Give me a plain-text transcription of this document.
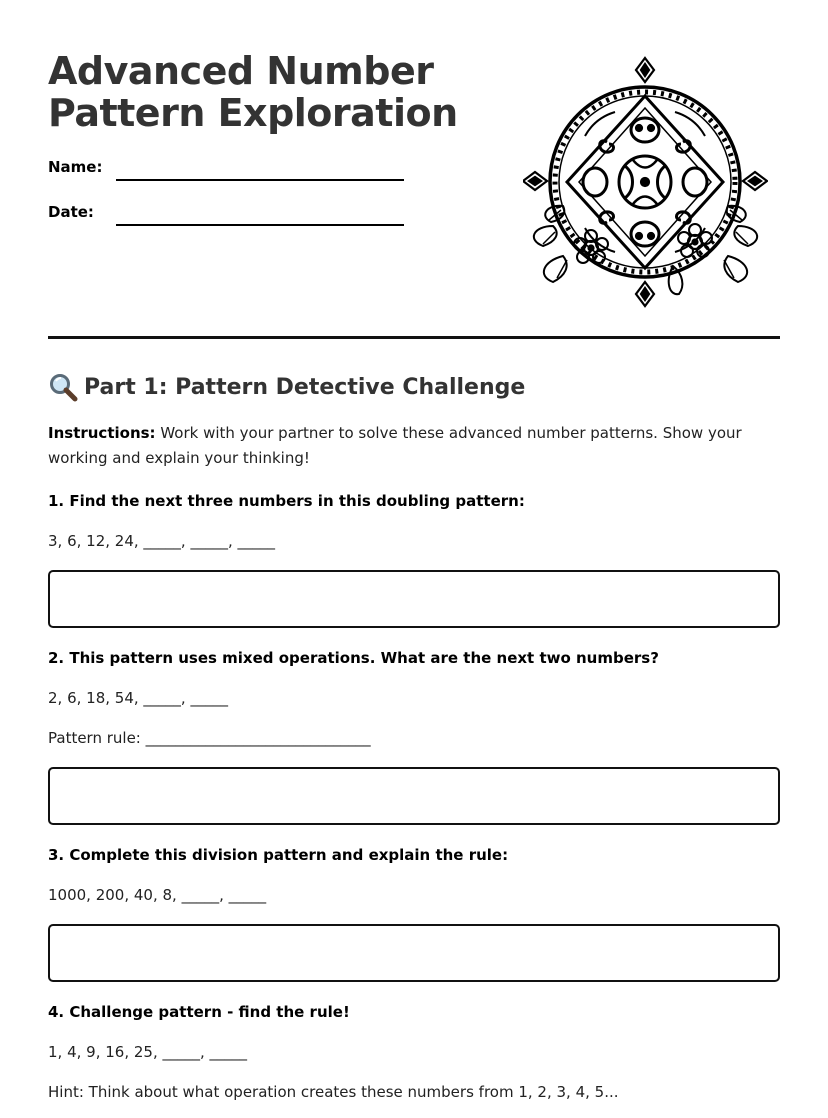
Advanced Number
Pattern Exploration
Name:
Date:
Part 1: Pattern Detective Challenge
Instructions: Work with your partner to solve these advanced number patterns. Show your working and explain your thinking!
1. Find the next three numbers in this doubling pattern:
3, 6, 12, 24, _____, _____, _____
2. This pattern uses mixed operations. What are the next two numbers?
2, 6, 18, 54, _____, _____
Pattern rule: ______________________________
3. Complete this division pattern and explain the rule:
1000, 200, 40, 8, _____, _____
4. Challenge pattern - find the rule!
1, 4, 9, 16, 25, _____, _____
Hint: Think about what operation creates these numbers from 1, 2, 3, 4, 5...
